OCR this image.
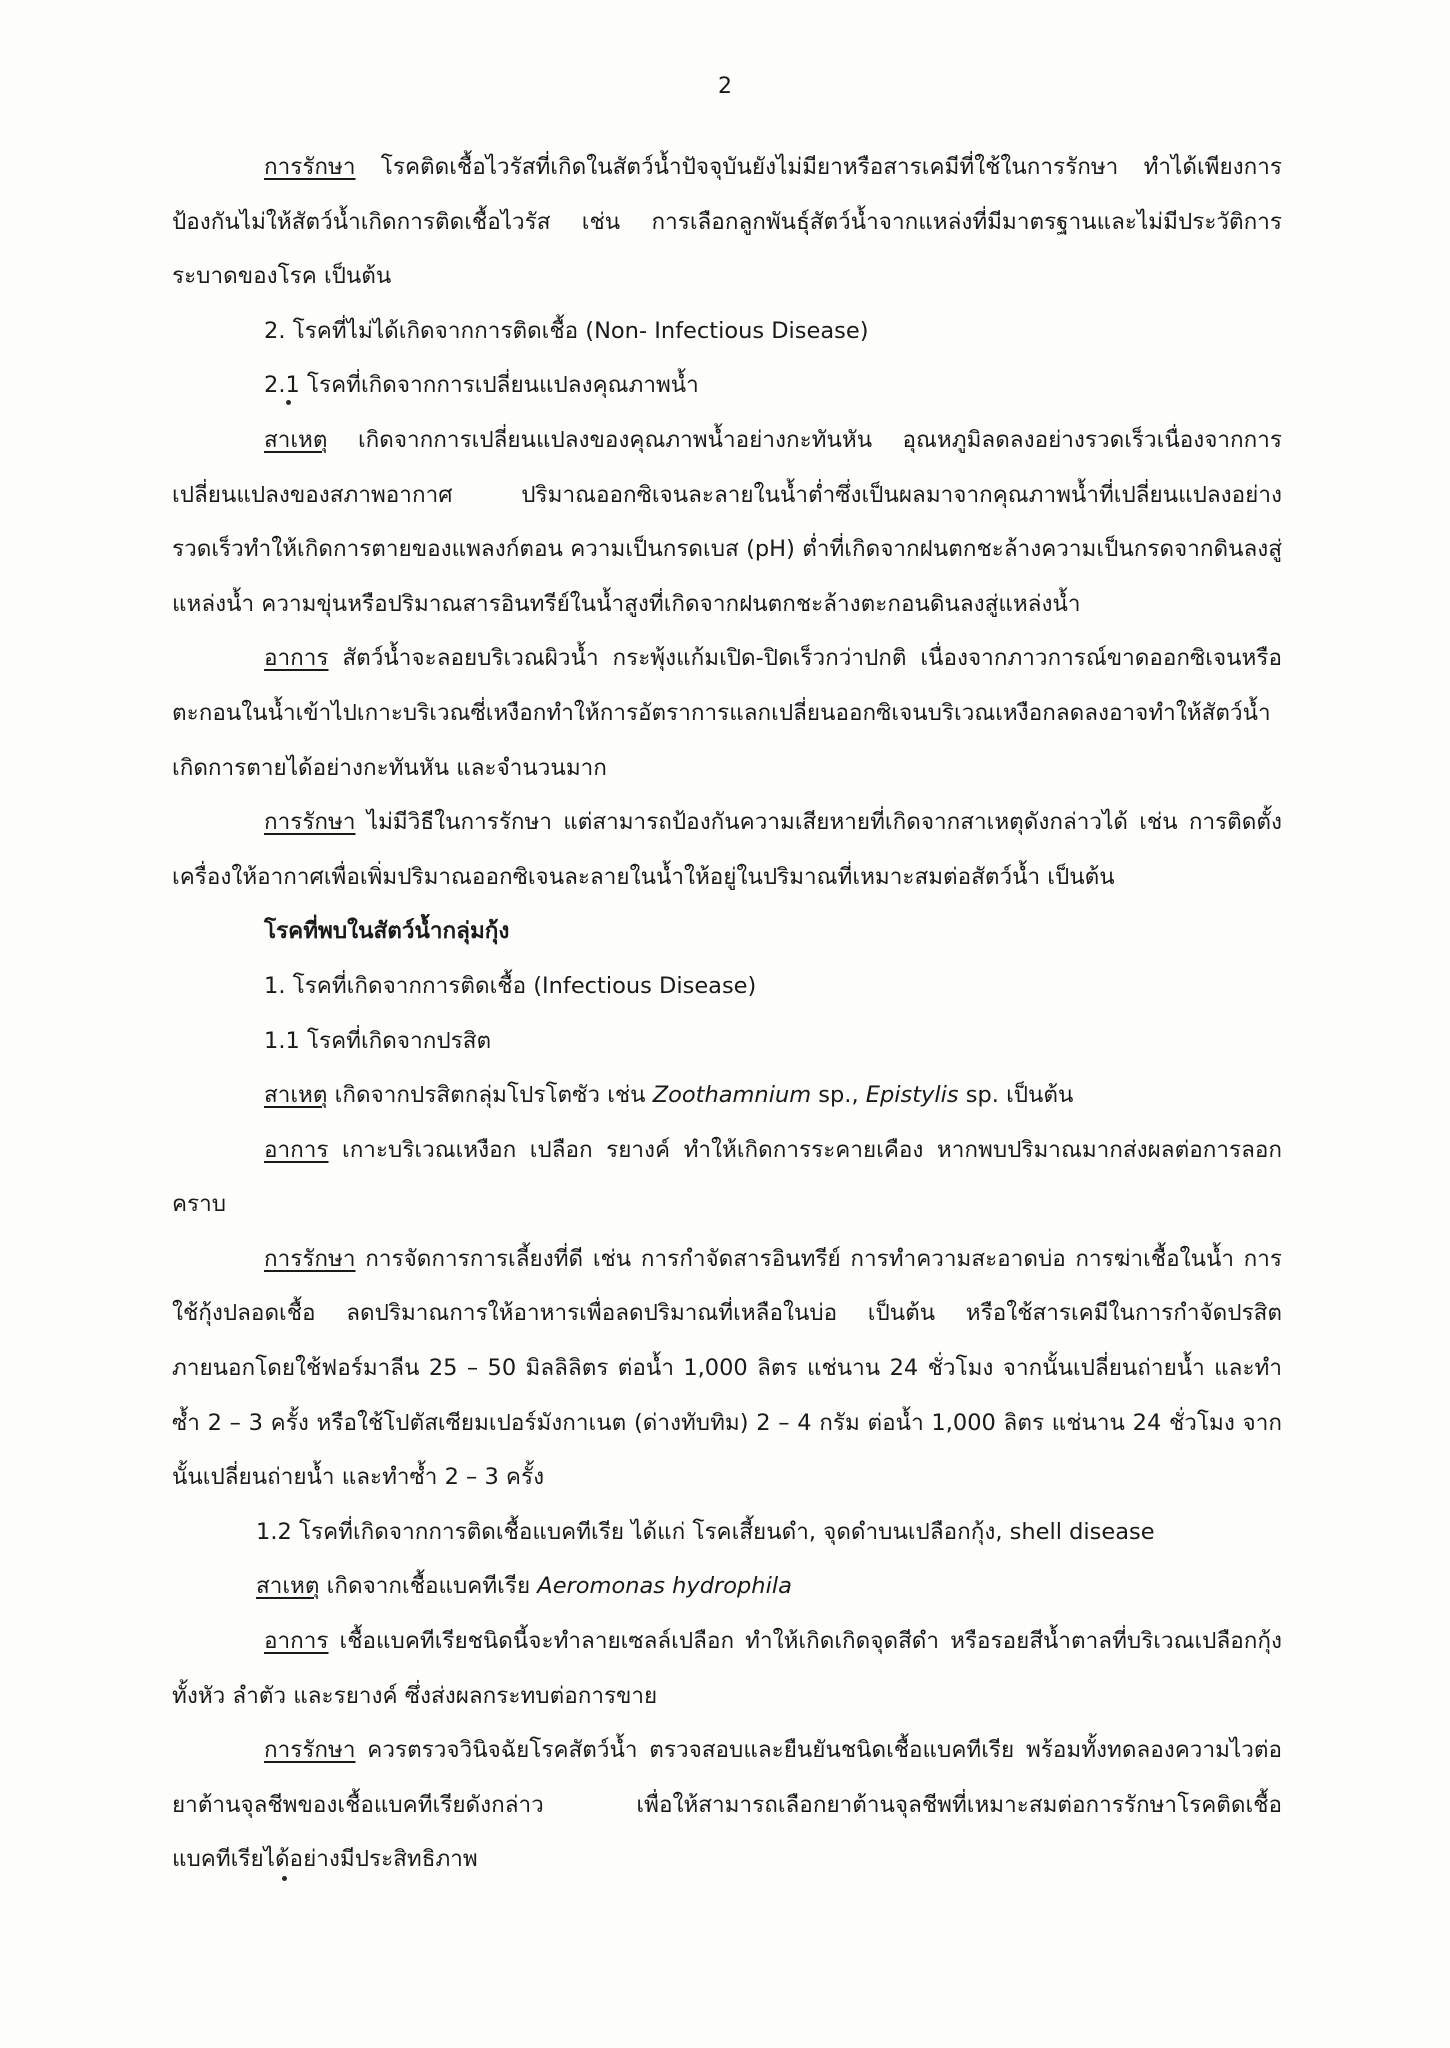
2

การรักษา โรคติดเชื้อไวรัสที่เกิดในสัตว์น้ำปัจจุบันยังไม่มียาหรือสารเคมีที่ใช้ในการรักษา ทำได้เพียงการป้องกันไม่ให้สัตว์น้ำเกิดการติดเชื้อไวรัส เช่น การเลือกลูกพันธุ์สัตว์น้ำจากแหล่งที่มีมาตรฐานและไม่มีประวัติการระบาดของโรค เป็นต้น

2. โรคที่ไม่ได้เกิดจากการติดเชื้อ (Non- Infectious Disease)

2.1 โรคที่เกิดจากการเปลี่ยนแปลงคุณภาพน้ำ

สาเหตุ เกิดจากการเปลี่ยนแปลงของคุณภาพน้ำอย่างกะทันหัน อุณหภูมิลดลงอย่างรวดเร็วเนื่องจากการเปลี่ยนแปลงของสภาพอากาศ ปริมาณออกซิเจนละลายในน้ำต่ำซึ่งเป็นผลมาจากคุณภาพน้ำที่เปลี่ยนแปลงอย่างรวดเร็วทำให้เกิดการตายของแพลงก์ตอน ความเป็นกรดเบส (pH) ต่ำที่เกิดจากฝนตกชะล้างความเป็นกรดจากดินลงสู่แหล่งน้ำ ความขุ่นหรือปริมาณสารอินทรีย์ในน้ำสูงที่เกิดจากฝนตกชะล้างตะกอนดินลงสู่แหล่งน้ำ

อาการ สัตว์น้ำจะลอยบริเวณผิวน้ำ กระพุ้งแก้มเปิด-ปิดเร็วกว่าปกติ เนื่องจากภาวการณ์ขาดออกซิเจนหรือตะกอนในน้ำเข้าไปเกาะบริเวณซี่เหงือกทำให้การอัตราการแลกเปลี่ยนออกซิเจนบริเวณเหงือกลดลงอาจทำให้สัตว์น้ำเกิดการตายได้อย่างกะทันหัน และจำนวนมาก

การรักษา ไม่มีวิธีในการรักษา แต่สามารถป้องกันความเสียหายที่เกิดจากสาเหตุดังกล่าวได้ เช่น การติดตั้งเครื่องให้อากาศเพื่อเพิ่มปริมาณออกซิเจนละลายในน้ำให้อยู่ในปริมาณที่เหมาะสมต่อสัตว์น้ำ เป็นต้น

โรคที่พบในสัตว์น้ำกลุ่มกุ้ง

1. โรคที่เกิดจากการติดเชื้อ (Infectious Disease)

1.1 โรคที่เกิดจากปรสิต

สาเหตุ เกิดจากปรสิตกลุ่มโปรโตซัว เช่น Zoothamnium sp., Epistylis sp. เป็นต้น

อาการ เกาะบริเวณเหงือก เปลือก รยางค์ ทำให้เกิดการระคายเคือง หากพบปริมาณมากส่งผลต่อการลอกคราบ

การรักษา การจัดการการเลี้ยงที่ดี เช่น การกำจัดสารอินทรีย์ การทำความสะอาดบ่อ การฆ่าเชื้อในน้ำ การใช้กุ้งปลอดเชื้อ ลดปริมาณการให้อาหารเพื่อลดปริมาณที่เหลือในบ่อ เป็นต้น หรือใช้สารเคมีในการกำจัดปรสิตภายนอกโดยใช้ฟอร์มาลีน 25 – 50 มิลลิลิตร ต่อน้ำ 1,000 ลิตร แช่นาน 24 ชั่วโมง จากนั้นเปลี่ยนถ่ายน้ำ และทำซ้ำ 2 – 3 ครั้ง หรือใช้โปตัสเซียมเปอร์มังกาเนต (ด่างทับทิม) 2 – 4 กรัม ต่อน้ำ 1,000 ลิตร แช่นาน 24 ชั่วโมง จากนั้นเปลี่ยนถ่ายน้ำ และทำซ้ำ 2 – 3 ครั้ง

1.2 โรคที่เกิดจากการติดเชื้อแบคทีเรีย ได้แก่ โรคเสี้ยนดำ, จุดดำบนเปลือกกุ้ง, shell disease

สาเหตุ เกิดจากเชื้อแบคทีเรีย Aeromonas hydrophila

อาการ เชื้อแบคทีเรียชนิดนี้จะทำลายเซลล์เปลือก ทำให้เกิดเกิดจุดสีดำ หรือรอยสีน้ำตาลที่บริเวณเปลือกกุ้งทั้งหัว ลำตัว และรยางค์ ซึ่งส่งผลกระทบต่อการขาย

การรักษา ควรตรวจวินิจฉัยโรคสัตว์น้ำ ตรวจสอบและยืนยันชนิดเชื้อแบคทีเรีย พร้อมทั้งทดลองความไวต่อยาต้านจุลชีพของเชื้อแบคทีเรียดังกล่าว เพื่อให้สามารถเลือกยาต้านจุลชีพที่เหมาะสมต่อการรักษาโรคติดเชื้อแบคทีเรียได้อย่างมีประสิทธิภาพ
